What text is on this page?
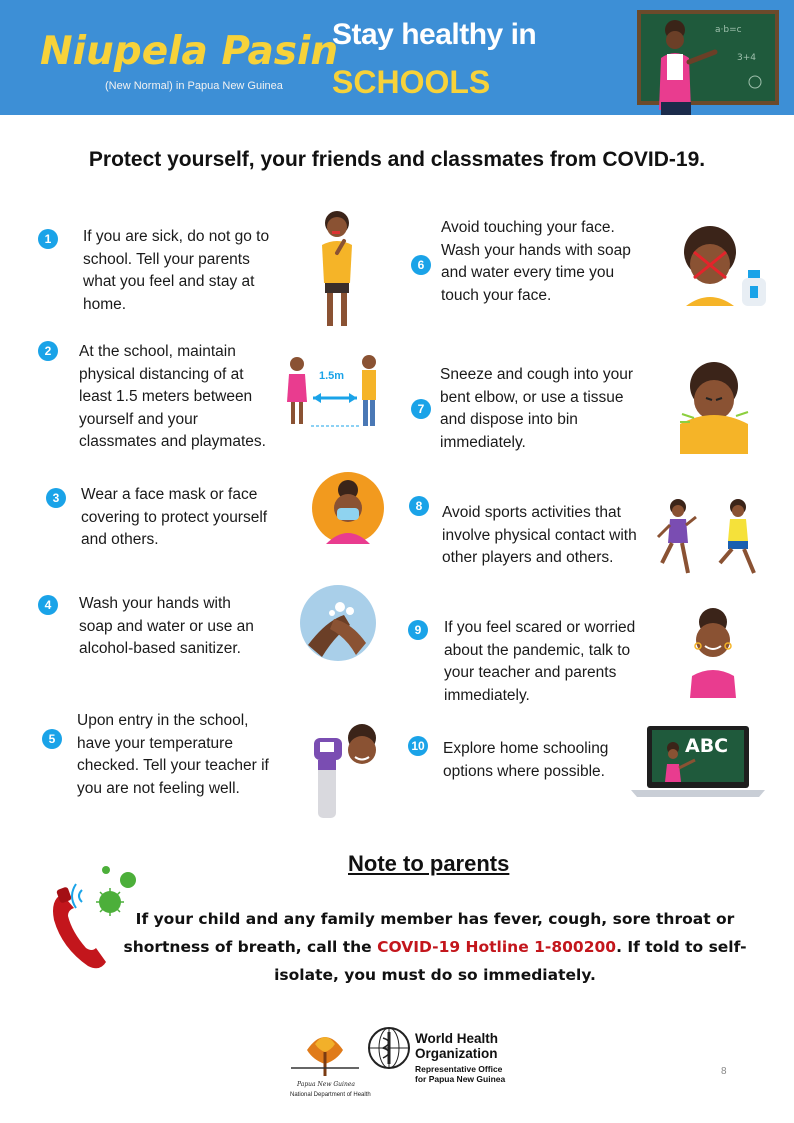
Niupela Pasin
(New Normal) in Papua New Guinea
Stay healthy in
SCHOOLS
a·b=c
3+4
Protect yourself, your friends and classmates from COVID-19.
1	If you are sick, do not go to
school. Tell your parents
what you feel and stay at
home.
2	At the school, maintain
physical distancing of at
least 1.5 meters between
yourself and your
classmates and playmates.
1.5m
3	Wear a face mask or face
covering to protect yourself
and others.
4	Wash your hands with
soap and water or use an
alcohol-based sanitizer.
5
Upon entry in the school,
have your temperature
checked. Tell your teacher if
you are not feeling well.
6
Avoid touching your face.
Wash your hands with soap
and water every time you
touch your face.
7
Sneeze and cough into your
bent elbow, or use a tissue
and dispose into bin
immediately.
8	Avoid sports activities that
involve physical contact with
other players and others.
9	If you feel scared or worried
about the pandemic, talk to
your teacher and parents
immediately.
10 Explore home schooling
options where possible.
ABC
Note to parents
If your child and any family member has fever, cough, sore throat or shortness of breath, call the COVID-19 Hotline 1-800200. If told to self-isolate, you must do so immediately.
Papua New Guinea
National Department of Health
World Health
Organization
Representative Office
for Papua New Guinea
8
